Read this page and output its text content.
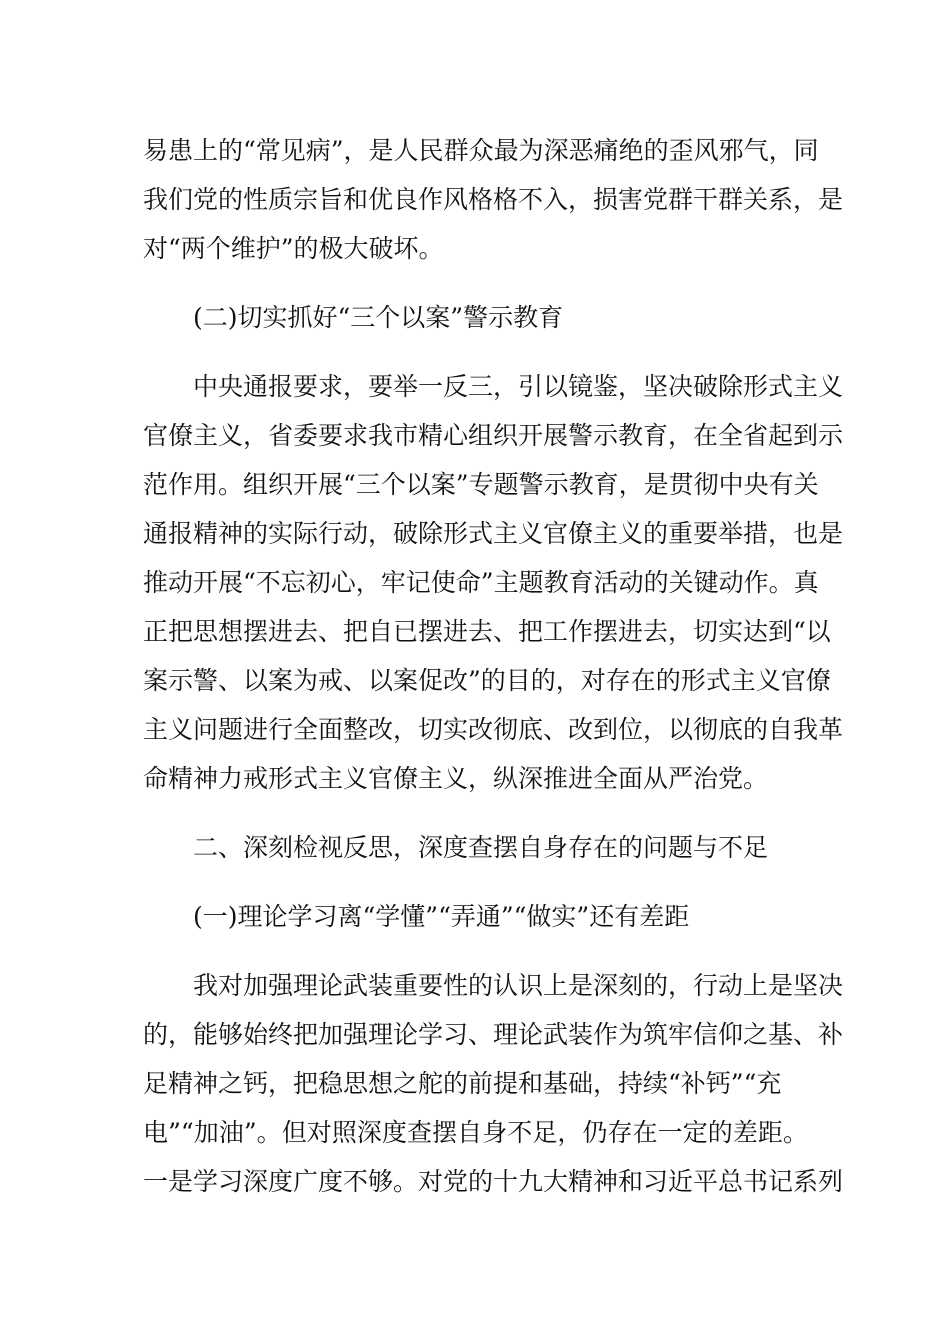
易患上的“常见病”，是人民群众最为深恶痛绝的歪风邪气，同
我们党的性质宗旨和优良作风格格不入，损害党群干群关系，是
对“两个维护”的极大破坏。
(二)切实抓好“三个以案”警示教育
中央通报要求，要举一反三，引以镜鉴，坚决破除形式主义
官僚主义，省委要求我市精心组织开展警示教育，在全省起到示
范作用。组织开展“三个以案”专题警示教育，是贯彻中央有关
通报精神的实际行动，破除形式主义官僚主义的重要举措，也是
推动开展“不忘初心，牢记使命”主题教育活动的关键动作。真
正把思想摆进去、把自已摆进去、把工作摆进去，切实达到“以
案示警、以案为戒、以案促改”的目的，对存在的形式主义官僚
主义问题进行全面整改，切实改彻底、改到位，以彻底的自我革
命精神力戒形式主义官僚主义，纵深推进全面从严治党。
二、深刻检视反思，深度查摆自身存在的问题与不足
(一)理论学习离“学懂”“弄通”“做实”还有差距
我对加强理论武装重要性的认识上是深刻的，行动上是坚决
的，能够始终把加强理论学习、理论武装作为筑牢信仰之基、补
足精神之钙，把稳思想之舵的前提和基础，持续“补钙”“充
电”“加油”。但对照深度查摆自身不足，仍存在一定的差距。
一是学习深度广度不够。对党的十九大精神和习近平总书记系列
